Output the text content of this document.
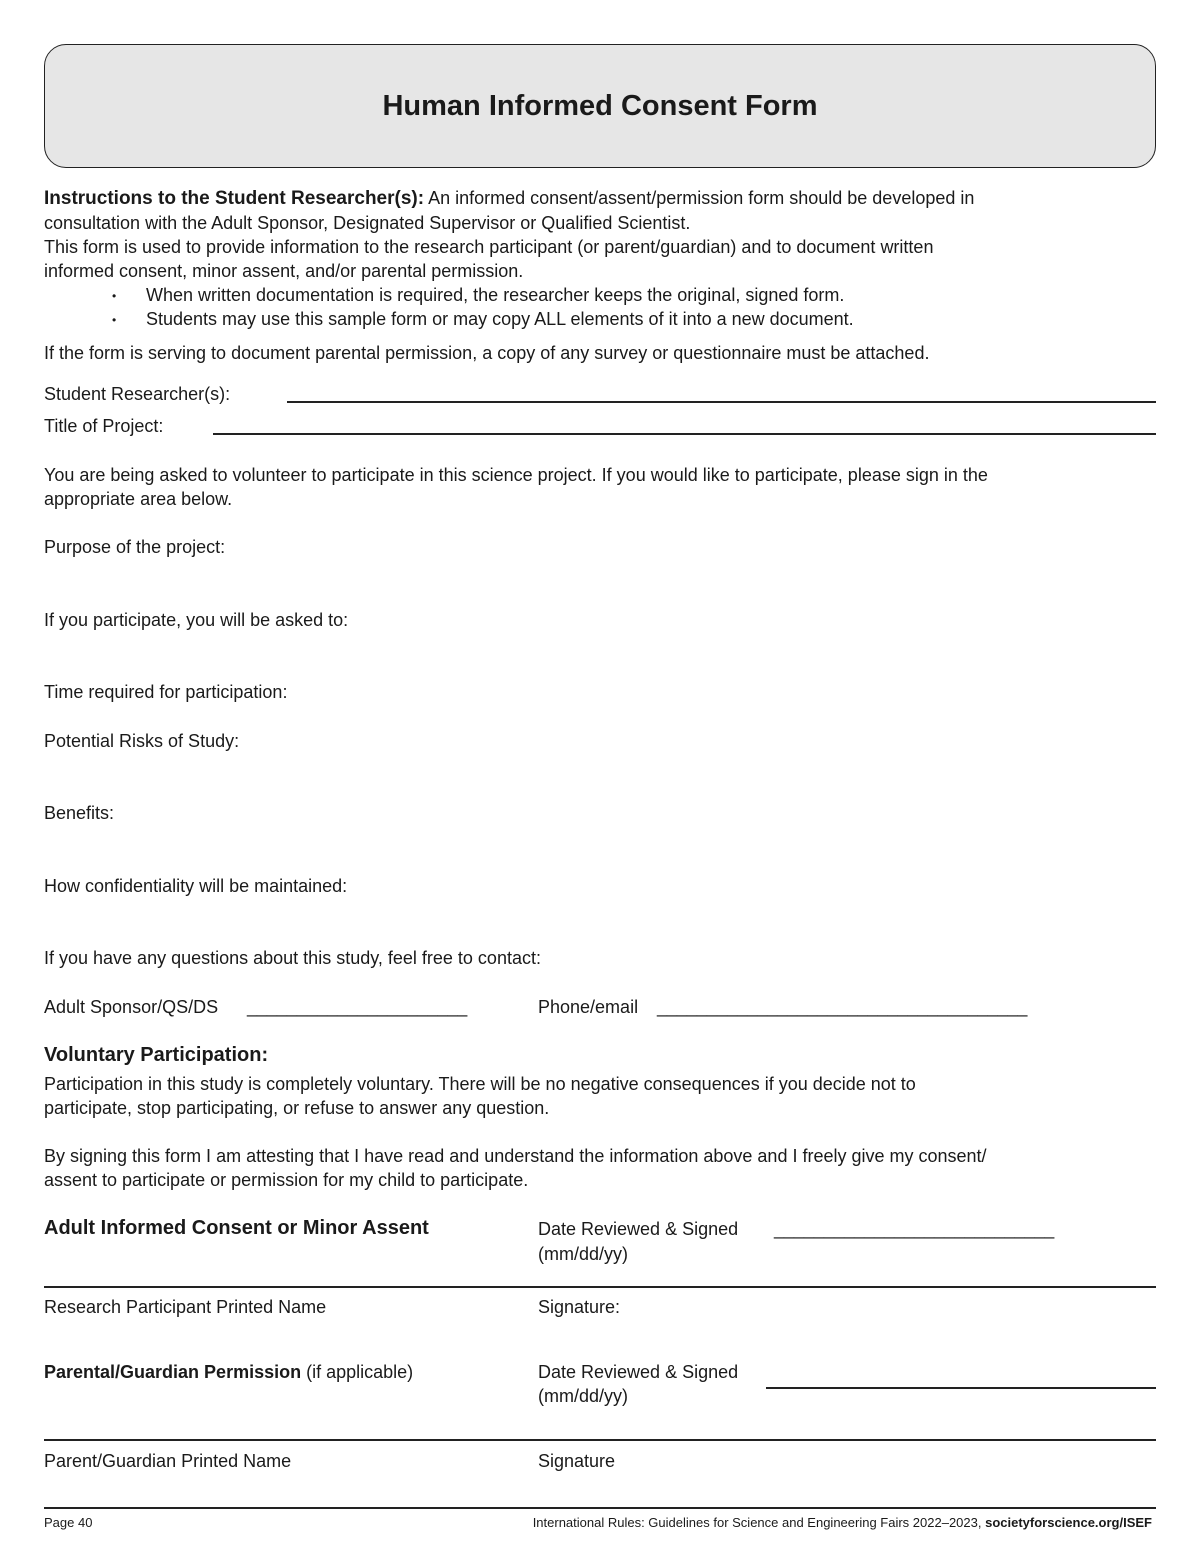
Human Informed Consent Form
Instructions to the Student Researcher(s): An informed consent/assent/permission form should be developed in
consultation with the Adult Sponsor, Designated Supervisor or Qualified Scientist.
This form is used to provide information to the research participant (or parent/guardian) and to document written
informed consent, minor assent, and/or parental permission.
• When written documentation is required, the researcher keeps the original, signed form.
• Students may use this sample form or may copy ALL elements of it into a new document.
If the form is serving to document parental permission, a copy of any survey or questionnaire must be attached.
Student Researcher(s):
Title of Project:
You are being asked to volunteer to participate in this science project. If you would like to participate, please sign in the
appropriate area below.
Purpose of the project:
If you participate, you will be asked to:
Time required for participation:
Potential Risks of Study:
Benefits:
How confidentiality will be maintained:
If you have any questions about this study, feel free to contact:
Adult Sponsor/QS/DS ______________________	Phone/email _____________________________________
Voluntary Participation:
Participation in this study is completely voluntary. There will be no negative consequences if you decide not to
participate, stop participating, or refuse to answer any question.
By signing this form I am attesting that I have read and understand the information above and I freely give my consent/
assent to participate or permission for my child to participate.
Adult Informed Consent or Minor Assent	Date Reviewed & Signed ____________________________
(mm/dd/yy)
Research Participant Printed Name	Signature:
Parental/Guardian Permission (if applicable)	Date Reviewed & Signed
(mm/dd/yy)
Parent/Guardian Printed Name	Signature
Page 40	International Rules: Guidelines for Science and Engineering Fairs 2022–2023, societyforscience.org/ISEF
